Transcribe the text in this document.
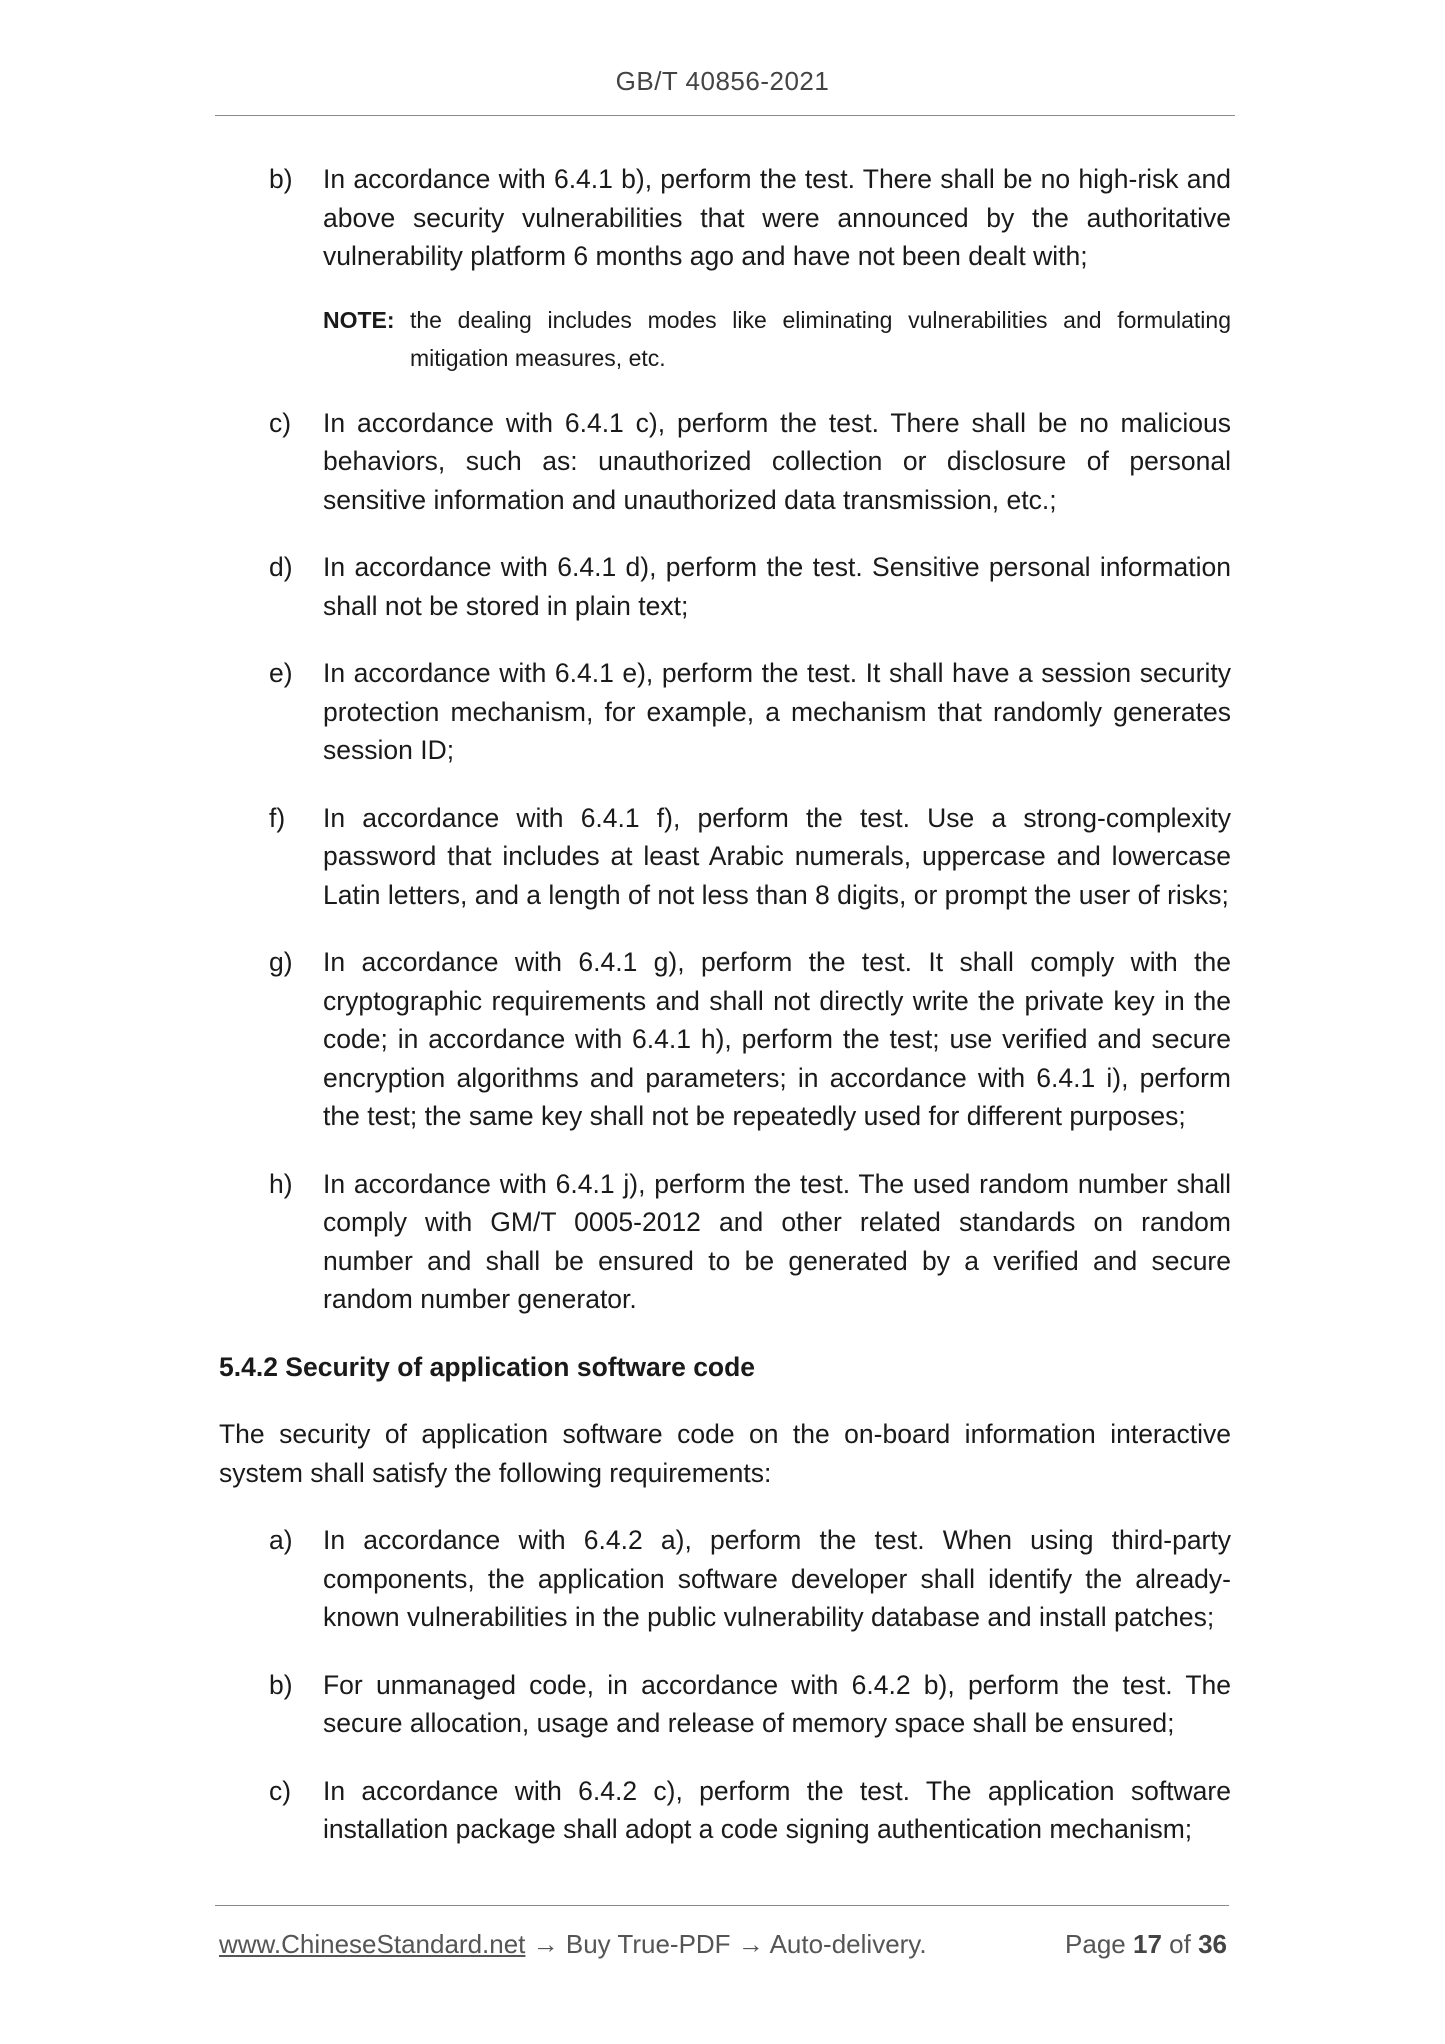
GB/T 40856-2021
b) In accordance with 6.4.1 b), perform the test. There shall be no high-risk and above security vulnerabilities that were announced by the authoritative vulnerability platform 6 months ago and have not been dealt with;
NOTE: the dealing includes modes like eliminating vulnerabilities and formulating mitigation measures, etc.
c) In accordance with 6.4.1 c), perform the test. There shall be no malicious behaviors, such as: unauthorized collection or disclosure of personal sensitive information and unauthorized data transmission, etc.;
d) In accordance with 6.4.1 d), perform the test. Sensitive personal information shall not be stored in plain text;
e) In accordance with 6.4.1 e), perform the test. It shall have a session security protection mechanism, for example, a mechanism that randomly generates session ID;
f) In accordance with 6.4.1 f), perform the test. Use a strong-complexity password that includes at least Arabic numerals, uppercase and lowercase Latin letters, and a length of not less than 8 digits, or prompt the user of risks;
g) In accordance with 6.4.1 g), perform the test. It shall comply with the cryptographic requirements and shall not directly write the private key in the code; in accordance with 6.4.1 h), perform the test; use verified and secure encryption algorithms and parameters; in accordance with 6.4.1 i), perform the test; the same key shall not be repeatedly used for different purposes;
h) In accordance with 6.4.1 j), perform the test. The used random number shall comply with GM/T 0005-2012 and other related standards on random number and shall be ensured to be generated by a verified and secure random number generator.
5.4.2 Security of application software code
The security of application software code on the on-board information interactive system shall satisfy the following requirements:
a) In accordance with 6.4.2 a), perform the test. When using third-party components, the application software developer shall identify the already-known vulnerabilities in the public vulnerability database and install patches;
b) For unmanaged code, in accordance with 6.4.2 b), perform the test. The secure allocation, usage and release of memory space shall be ensured;
c) In accordance with 6.4.2 c), perform the test. The application software installation package shall adopt a code signing authentication mechanism;
www.ChineseStandard.net → Buy True-PDF → Auto-delivery.	Page 17 of 36
